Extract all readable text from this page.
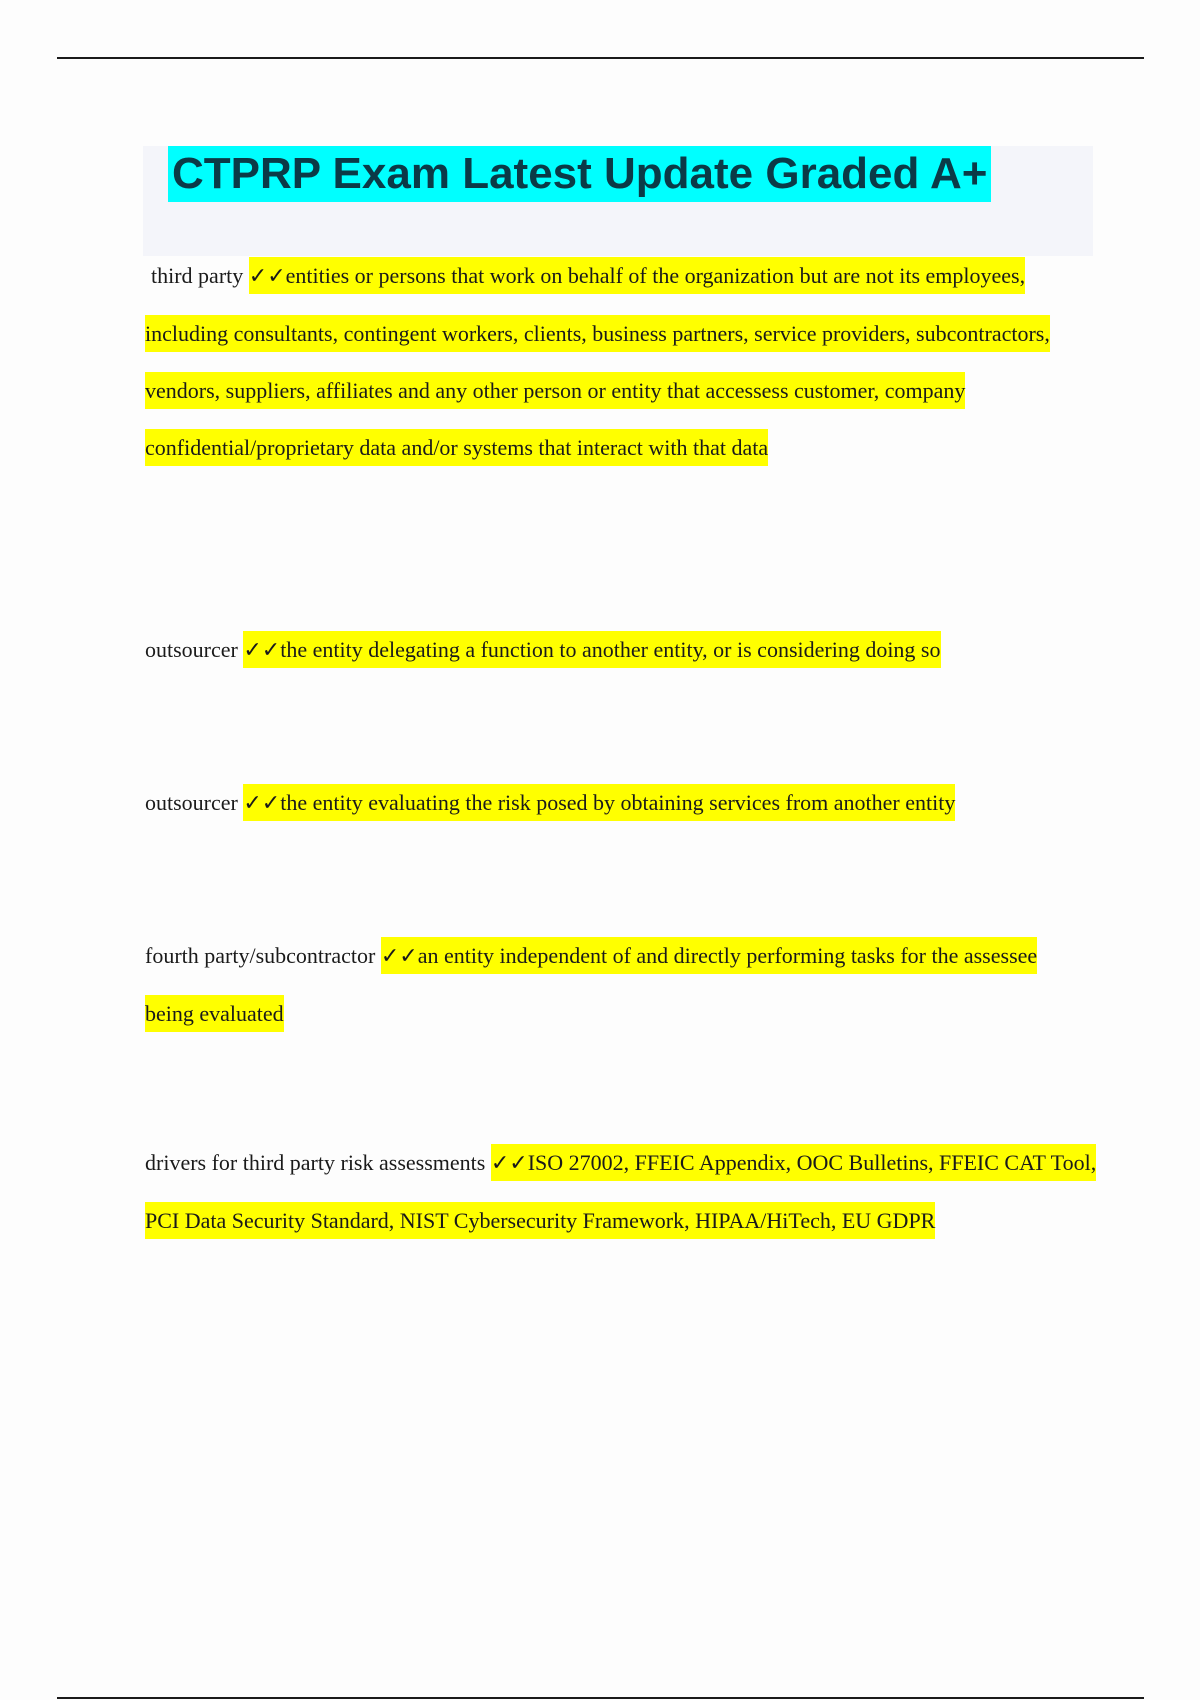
CTPRP Exam Latest Update Graded A+

third party ✓✓entities or persons that work on behalf of the organization but are not its employees, including consultants, contingent workers, clients, business partners, service providers, subcontractors, vendors, suppliers, affiliates and any other person or entity that accessess customer, company confidential/proprietary data and/or systems that interact with that data

outsourcer ✓✓the entity delegating a function to another entity, or is considering doing so

outsourcer ✓✓the entity evaluating the risk posed by obtaining services from another entity

fourth party/subcontractor ✓✓an entity independent of and directly performing tasks for the assessee being evaluated

drivers for third party risk assessments ✓✓ISO 27002, FFEIC Appendix, OOC Bulletins, FFEIC CAT Tool, PCI Data Security Standard, NIST Cybersecurity Framework, HIPAA/HiTech, EU GDPR
